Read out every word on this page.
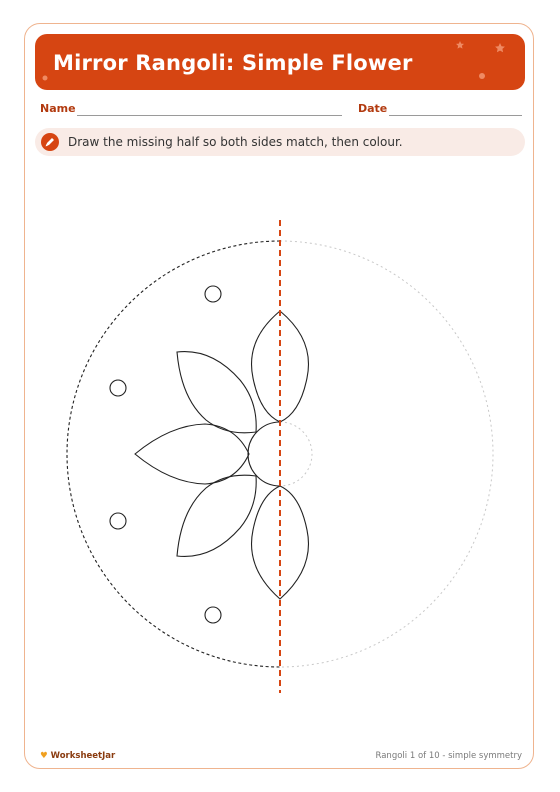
Mirror Rangoli: Simple Flower
Name	Date
Draw the missing half so both sides match, then colour.
♥ WorksheetJar	Rangoli 1 of 10 - simple symmetry
